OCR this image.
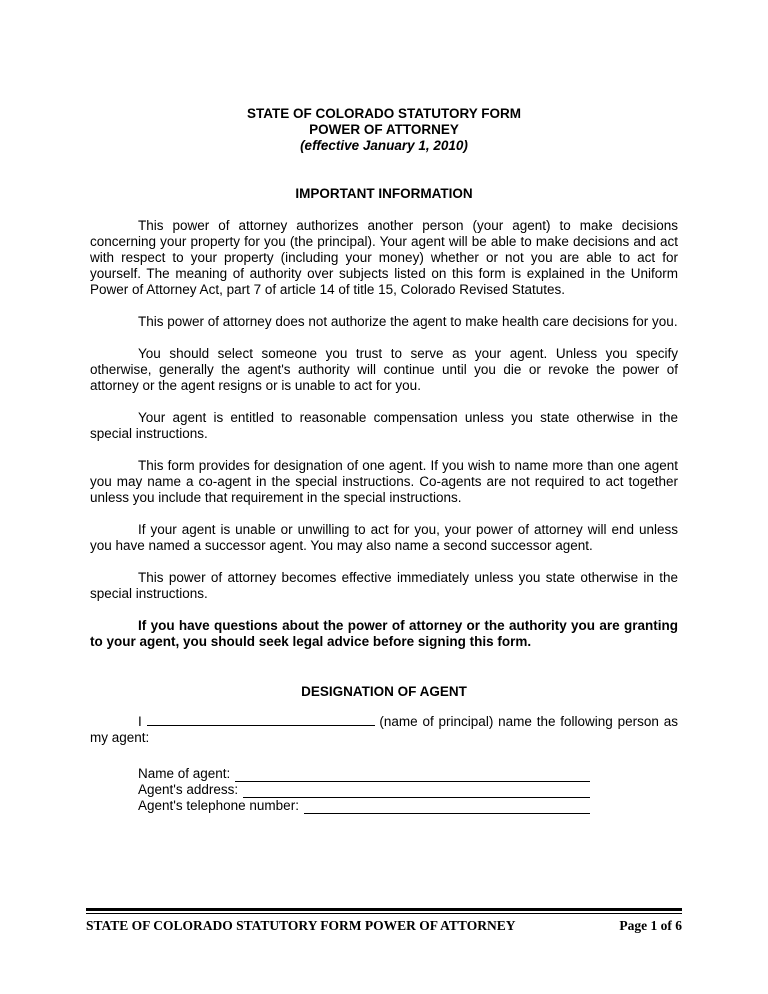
STATE OF COLORADO STATUTORY FORM
POWER OF ATTORNEY
(effective January 1, 2010)
IMPORTANT INFORMATION

This power of attorney authorizes another person (your agent) to make decisions concerning your property for you (the principal). Your agent will be able to make decisions and act with respect to your property (including your money) whether or not you are able to act for yourself. The meaning of authority over subjects listed on this form is explained in the Uniform Power of Attorney Act, part 7 of article 14 of title 15, Colorado Revised Statutes.

This power of attorney does not authorize the agent to make health care decisions for you.

You should select someone you trust to serve as your agent. Unless you specify otherwise, generally the agent's authority will continue until you die or revoke the power of attorney or the agent resigns or is unable to act for you.

Your agent is entitled to reasonable compensation unless you state otherwise in the special instructions.

This form provides for designation of one agent. If you wish to name more than one agent you may name a co-agent in the special instructions. Co-agents are not required to act together unless you include that requirement in the special instructions.

If your agent is unable or unwilling to act for you, your power of attorney will end unless you have named a successor agent. You may also name a second successor agent.

This power of attorney becomes effective immediately unless you state otherwise in the special instructions.

If you have questions about the power of attorney or the authority you are granting to your agent, you should seek legal advice before signing this form.

DESIGNATION OF AGENT

I	(name of principal) name the following person as my agent:

Name of agent:
Agent's address:
Agent's telephone number:
STATE OF COLORADO STATUTORY FORM POWER OF ATTORNEY	Page 1 of 6
